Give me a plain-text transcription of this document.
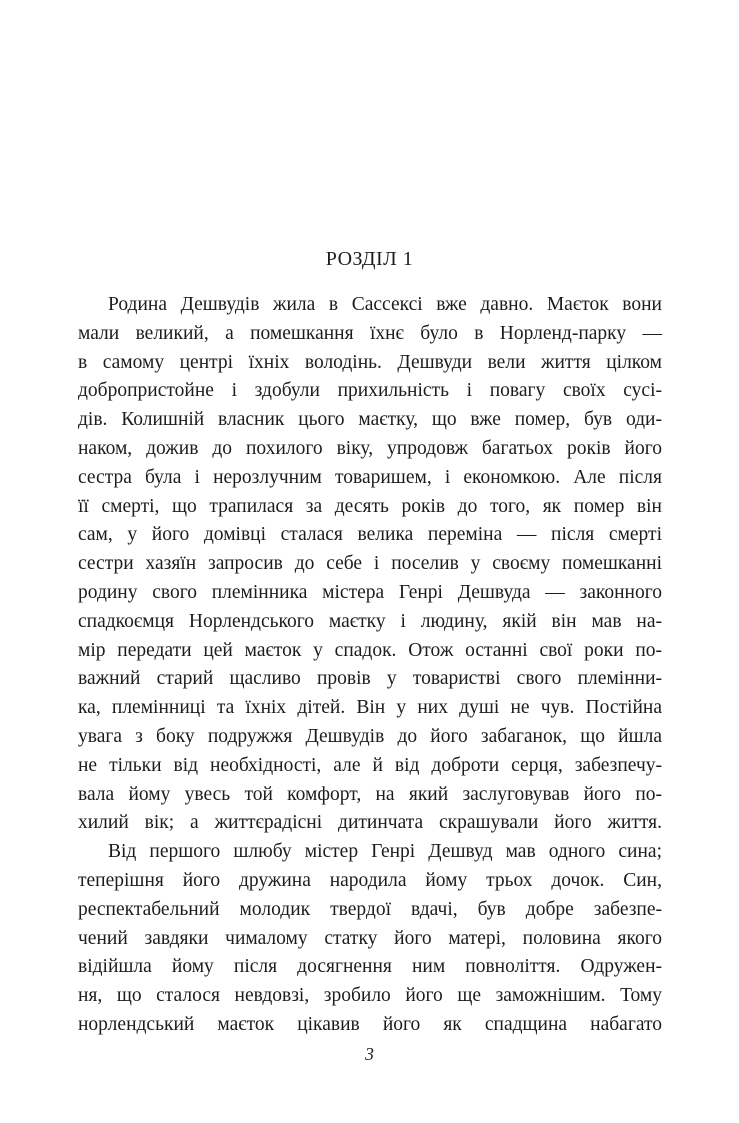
РОЗДІЛ 1

Родина Дешвудів жила в Сассексі вже давно. Маєток вони
мали великий, а помешкання їхнє було в Норленд-парку —
в самому центрі їхніх володінь. Дешвуди вели життя цілком
добропристойне і здобули прихильність і повагу своїх сусі-
дів. Колишній власник цього маєтку, що вже помер, був оди-
наком, дожив до похилого віку, упродовж багатьох років його
сестра була і нерозлучним товаришем, і економкою. Але після
її смерті, що трапилася за десять років до того, як помер він
сам, у його домівці сталася велика переміна — після смерті
сестри хазяїн запросив до себе і поселив у своєму помешканні
родину свого племінника містера Генрі Дешвуда — законного
спадкоємця Норлендського маєтку і людину, якій він мав на-
мір передати цей маєток у спадок. Отож останні свої роки по-
важний старий щасливо провів у товаристві свого племінни-
ка, племінниці та їхніх дітей. Він у них душі не чув. Постійна
увага з боку подружжя Дешвудів до його забаганок, що йшла
не тільки від необхідності, але й від доброти серця, забезпечу-
вала йому увесь той комфорт, на який заслуговував його по-
хилий вік; а життєрадісні дитинчата скрашували його життя.

Від першого шлюбу містер Генрі Дешвуд мав одного сина;
теперішня його дружина народила йому трьох дочок. Син,
респектабельний молодик твердої вдачі, був добре забезпе-
чений завдяки чималому статку його матері, половина якого
відійшла йому після досягнення ним повноліття. Одружен-
ня, що сталося невдовзі, зробило його ще заможнішим. Тому
норлендський маєток цікавив його як спадщина набагато

3
